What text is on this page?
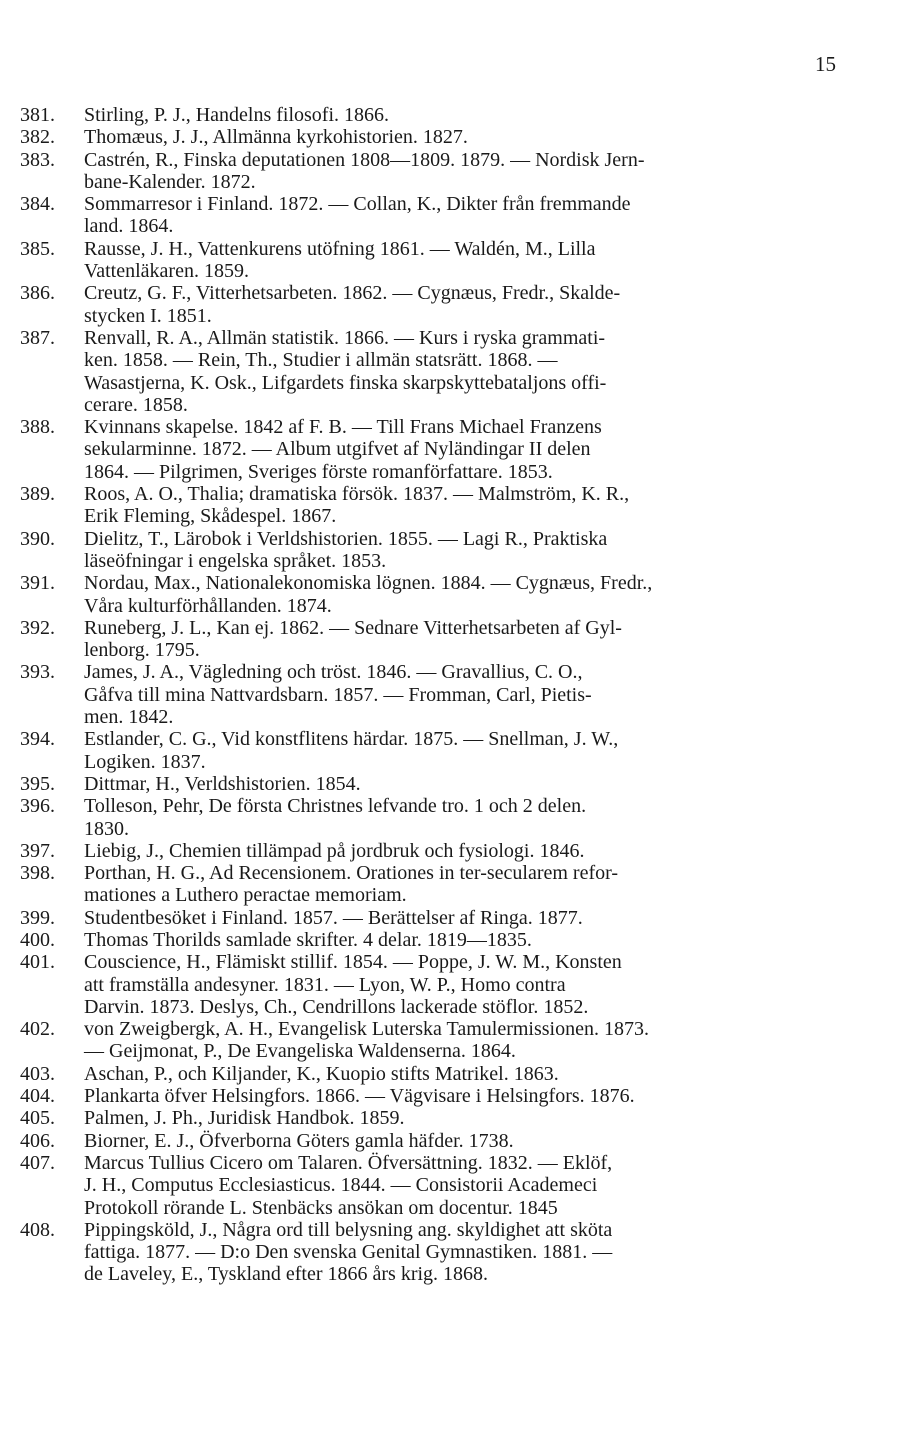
15
381.	Stirling, P. J., Handelns filosofi. 1866.
382.	Thomæus, J. J., Allmänna kyrkohistorien. 1827.
383.	Castrén, R., Finska deputationen 1808—1809. 1879. — Nordisk Jern-
bane-Kalender. 1872.
384.	Sommarresor i Finland. 1872. — Collan, K., Dikter från fremmande
land. 1864.
385.	Rausse, J. H., Vattenkurens utöfning 1861. — Waldén, M., Lilla
Vattenläkaren. 1859.
386.	Creutz, G. F., Vitterhetsarbeten. 1862. — Cygnæus, Fredr., Skalde-
stycken I. 1851.
387.	Renvall, R. A., Allmän statistik. 1866. — Kurs i ryska grammati-
ken. 1858. — Rein, Th., Studier i allmän statsrätt. 1868. —
Wasastjerna, K. Osk., Lifgardets finska skarpskyttebataljons offi-
cerare. 1858.
388.	Kvinnans skapelse. 1842 af F. B. — Till Frans Michael Franzens
sekularminne. 1872. — Album utgifvet af Nyländingar II delen
1864. — Pilgrimen, Sveriges förste romanförfattare. 1853.
389.	Roos, A. O., Thalia; dramatiska försök. 1837. — Malmström, K. R.,
Erik Fleming, Skådespel. 1867.
390.	Dielitz, T., Lärobok i Verldshistorien. 1855. — Lagi R., Praktiska
läseöfningar i engelska språket. 1853.
391.	Nordau, Max., Nationalekonomiska lögnen. 1884. — Cygnæus, Fredr.,
Våra kulturförhållanden. 1874.
392.	Runeberg, J. L., Kan ej. 1862. — Sednare Vitterhetsarbeten af Gyl-
lenborg. 1795.
393.	James, J. A., Vägledning och tröst. 1846. — Gravallius, C. O.,
Gåfva till mina Nattvardsbarn. 1857. — Fromman, Carl, Pietis-
men. 1842.
394.	Estlander, C. G., Vid konstflitens härdar. 1875. — Snellman, J. W.,
Logiken. 1837.
395.	Dittmar, H., Verldshistorien. 1854.
396.	Tolleson, Pehr, De första Christnes lefvande tro. 1 och 2 delen.
1830.
397.	Liebig, J., Chemien tillämpad på jordbruk och fysiologi. 1846.
398.	Porthan, H. G., Ad Recensionem. Orationes in ter-secularem refor-
mationes a Luthero peractae memoriam.
399.	Studentbesöket i Finland. 1857. — Berättelser af Ringa. 1877.
400.	Thomas Thorilds samlade skrifter. 4 delar. 1819—1835.
401.	Couscience, H., Flämiskt stillif. 1854. — Poppe, J. W. M., Konsten
att framställa andesyner. 1831. — Lyon, W. P., Homo contra
Darvin. 1873. Deslys, Ch., Cendrillons lackerade stöflor. 1852.
402.	von Zweigbergk, A. H., Evangelisk Luterska Tamulermissionen. 1873.
— Geijmonat, P., De Evangeliska Waldenserna. 1864.
403.	Aschan, P., och Kiljander, K., Kuopio stifts Matrikel. 1863.
404.	Plankarta öfver Helsingfors. 1866. — Vägvisare i Helsingfors. 1876.
405.	Palmen, J. Ph., Juridisk Handbok. 1859.
406.	Biorner, E. J., Öfverborna Göters gamla häfder. 1738.
407.	Marcus Tullius Cicero om Talaren. Öfversättning. 1832. — Eklöf,
J. H., Computus Ecclesiasticus. 1844. — Consistorii Academeci
Protokoll rörande L. Stenbäcks ansökan om docentur. 1845
408.	Pippingsköld, J., Några ord till belysning ang. skyldighet att sköta
fattiga. 1877. — D:o Den svenska Genital Gymnastiken. 1881. —
de Laveley, E., Tyskland efter 1866 års krig. 1868.
